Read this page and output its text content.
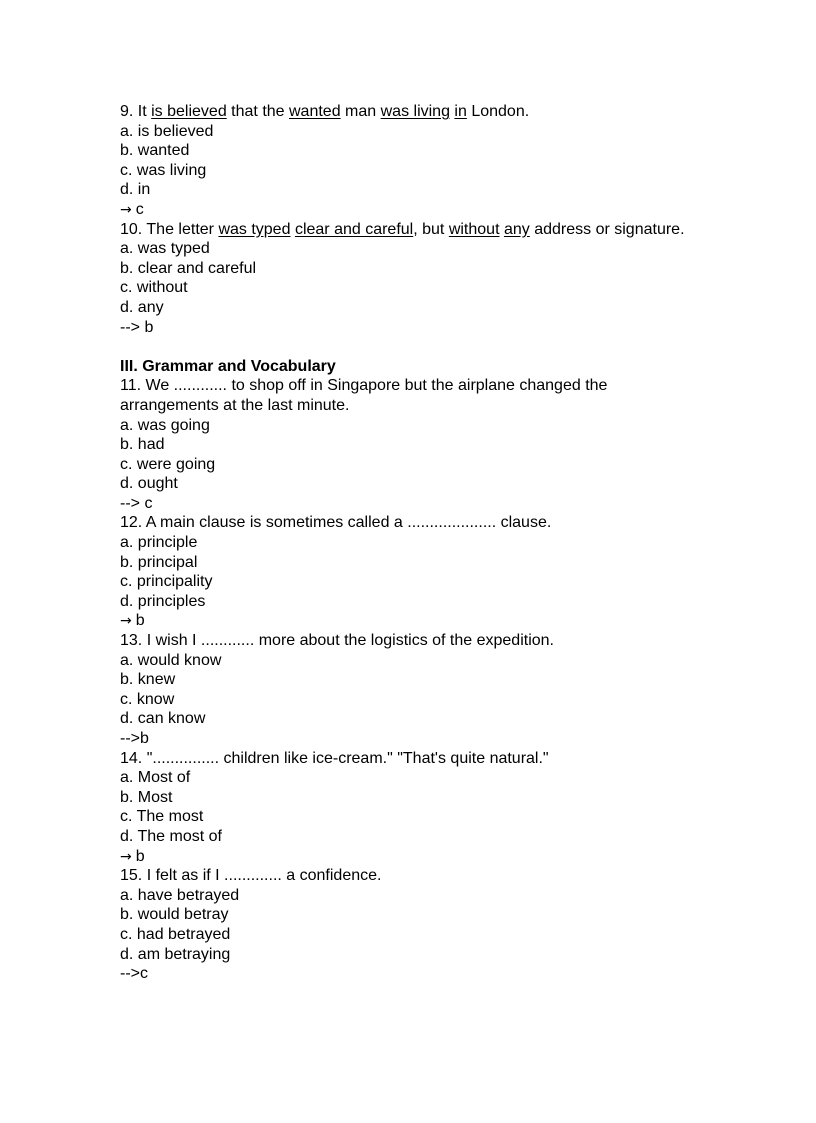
9. It is believed that the wanted man was living in London.
a. is believed
b. wanted
c. was living
d. in
→ c
10. The letter was typed clear and careful, but without any address or signature.
a. was typed
b. clear and careful
c. without
d. any
--> b
III. Grammar and Vocabulary
11. We ............ to shop off in Singapore but the airplane changed the
arrangements at the last minute.
a. was going
b. had
c. were going
d. ought
--> c
12. A main clause is sometimes called a .................... clause.
a. principle
b. principal
c. principality
d. principles
→ b
13. I wish I ............ more about the logistics of the expedition.
a. would know
b. knew
c. know
d. can know
-->b
14. "............... children like ice-cream." "That's quite natural."
a. Most of
b. Most
c. The most
d. The most of
→ b
15. I felt as if I ............. a confidence.
a. have betrayed
b. would betray
c. had betrayed
d. am betraying
-->c
